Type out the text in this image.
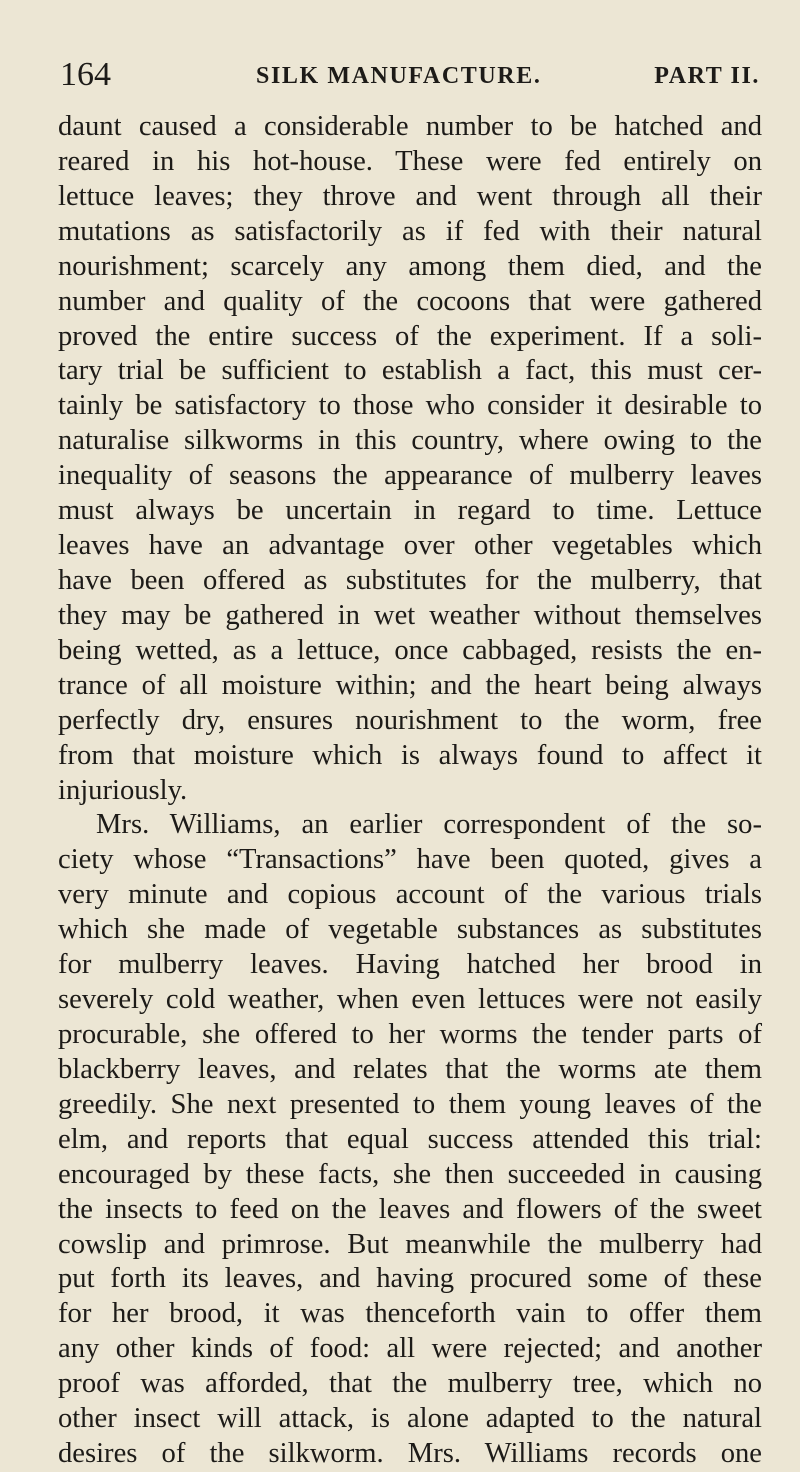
164	SILK MANUFACTURE.	PART II.
daunt caused a considerable number to be hatched and
reared in his hot-house. These were fed entirely on
lettuce leaves; they throve and went through all their
mutations as satisfactorily as if fed with their natural
nourishment; scarcely any among them died, and the
number and quality of the cocoons that were gathered
proved the entire success of the experiment. If a soli-
tary trial be sufficient to establish a fact, this must cer-
tainly be satisfactory to those who consider it desirable to
naturalise silkworms in this country, where owing to the
inequality of seasons the appearance of mulberry leaves
must always be uncertain in regard to time. Lettuce
leaves have an advantage over other vegetables which
have been offered as substitutes for the mulberry, that
they may be gathered in wet weather without themselves
being wetted, as a lettuce, once cabbaged, resists the en-
trance of all moisture within; and the heart being always
perfectly dry, ensures nourishment to the worm, free
from that moisture which is always found to affect it
injuriously.
Mrs. Williams, an earlier correspondent of the so-
ciety whose “Transactions” have been quoted, gives a
very minute and copious account of the various trials
which she made of vegetable substances as substitutes
for mulberry leaves. Having hatched her brood in
severely cold weather, when even lettuces were not easily
procurable, she offered to her worms the tender parts of
blackberry leaves, and relates that the worms ate them
greedily. She next presented to them young leaves of the
elm, and reports that equal success attended this trial:
encouraged by these facts, she then succeeded in causing
the insects to feed on the leaves and flowers of the sweet
cowslip and primrose. But meanwhile the mulberry had
put forth its leaves, and having procured some of these
for her brood, it was thenceforth vain to offer them
any other kinds of food: all were rejected; and another
proof was afforded, that the mulberry tree, which no
other insect will attack, is alone adapted to the natural
desires of the silkworm. Mrs. Williams records one
